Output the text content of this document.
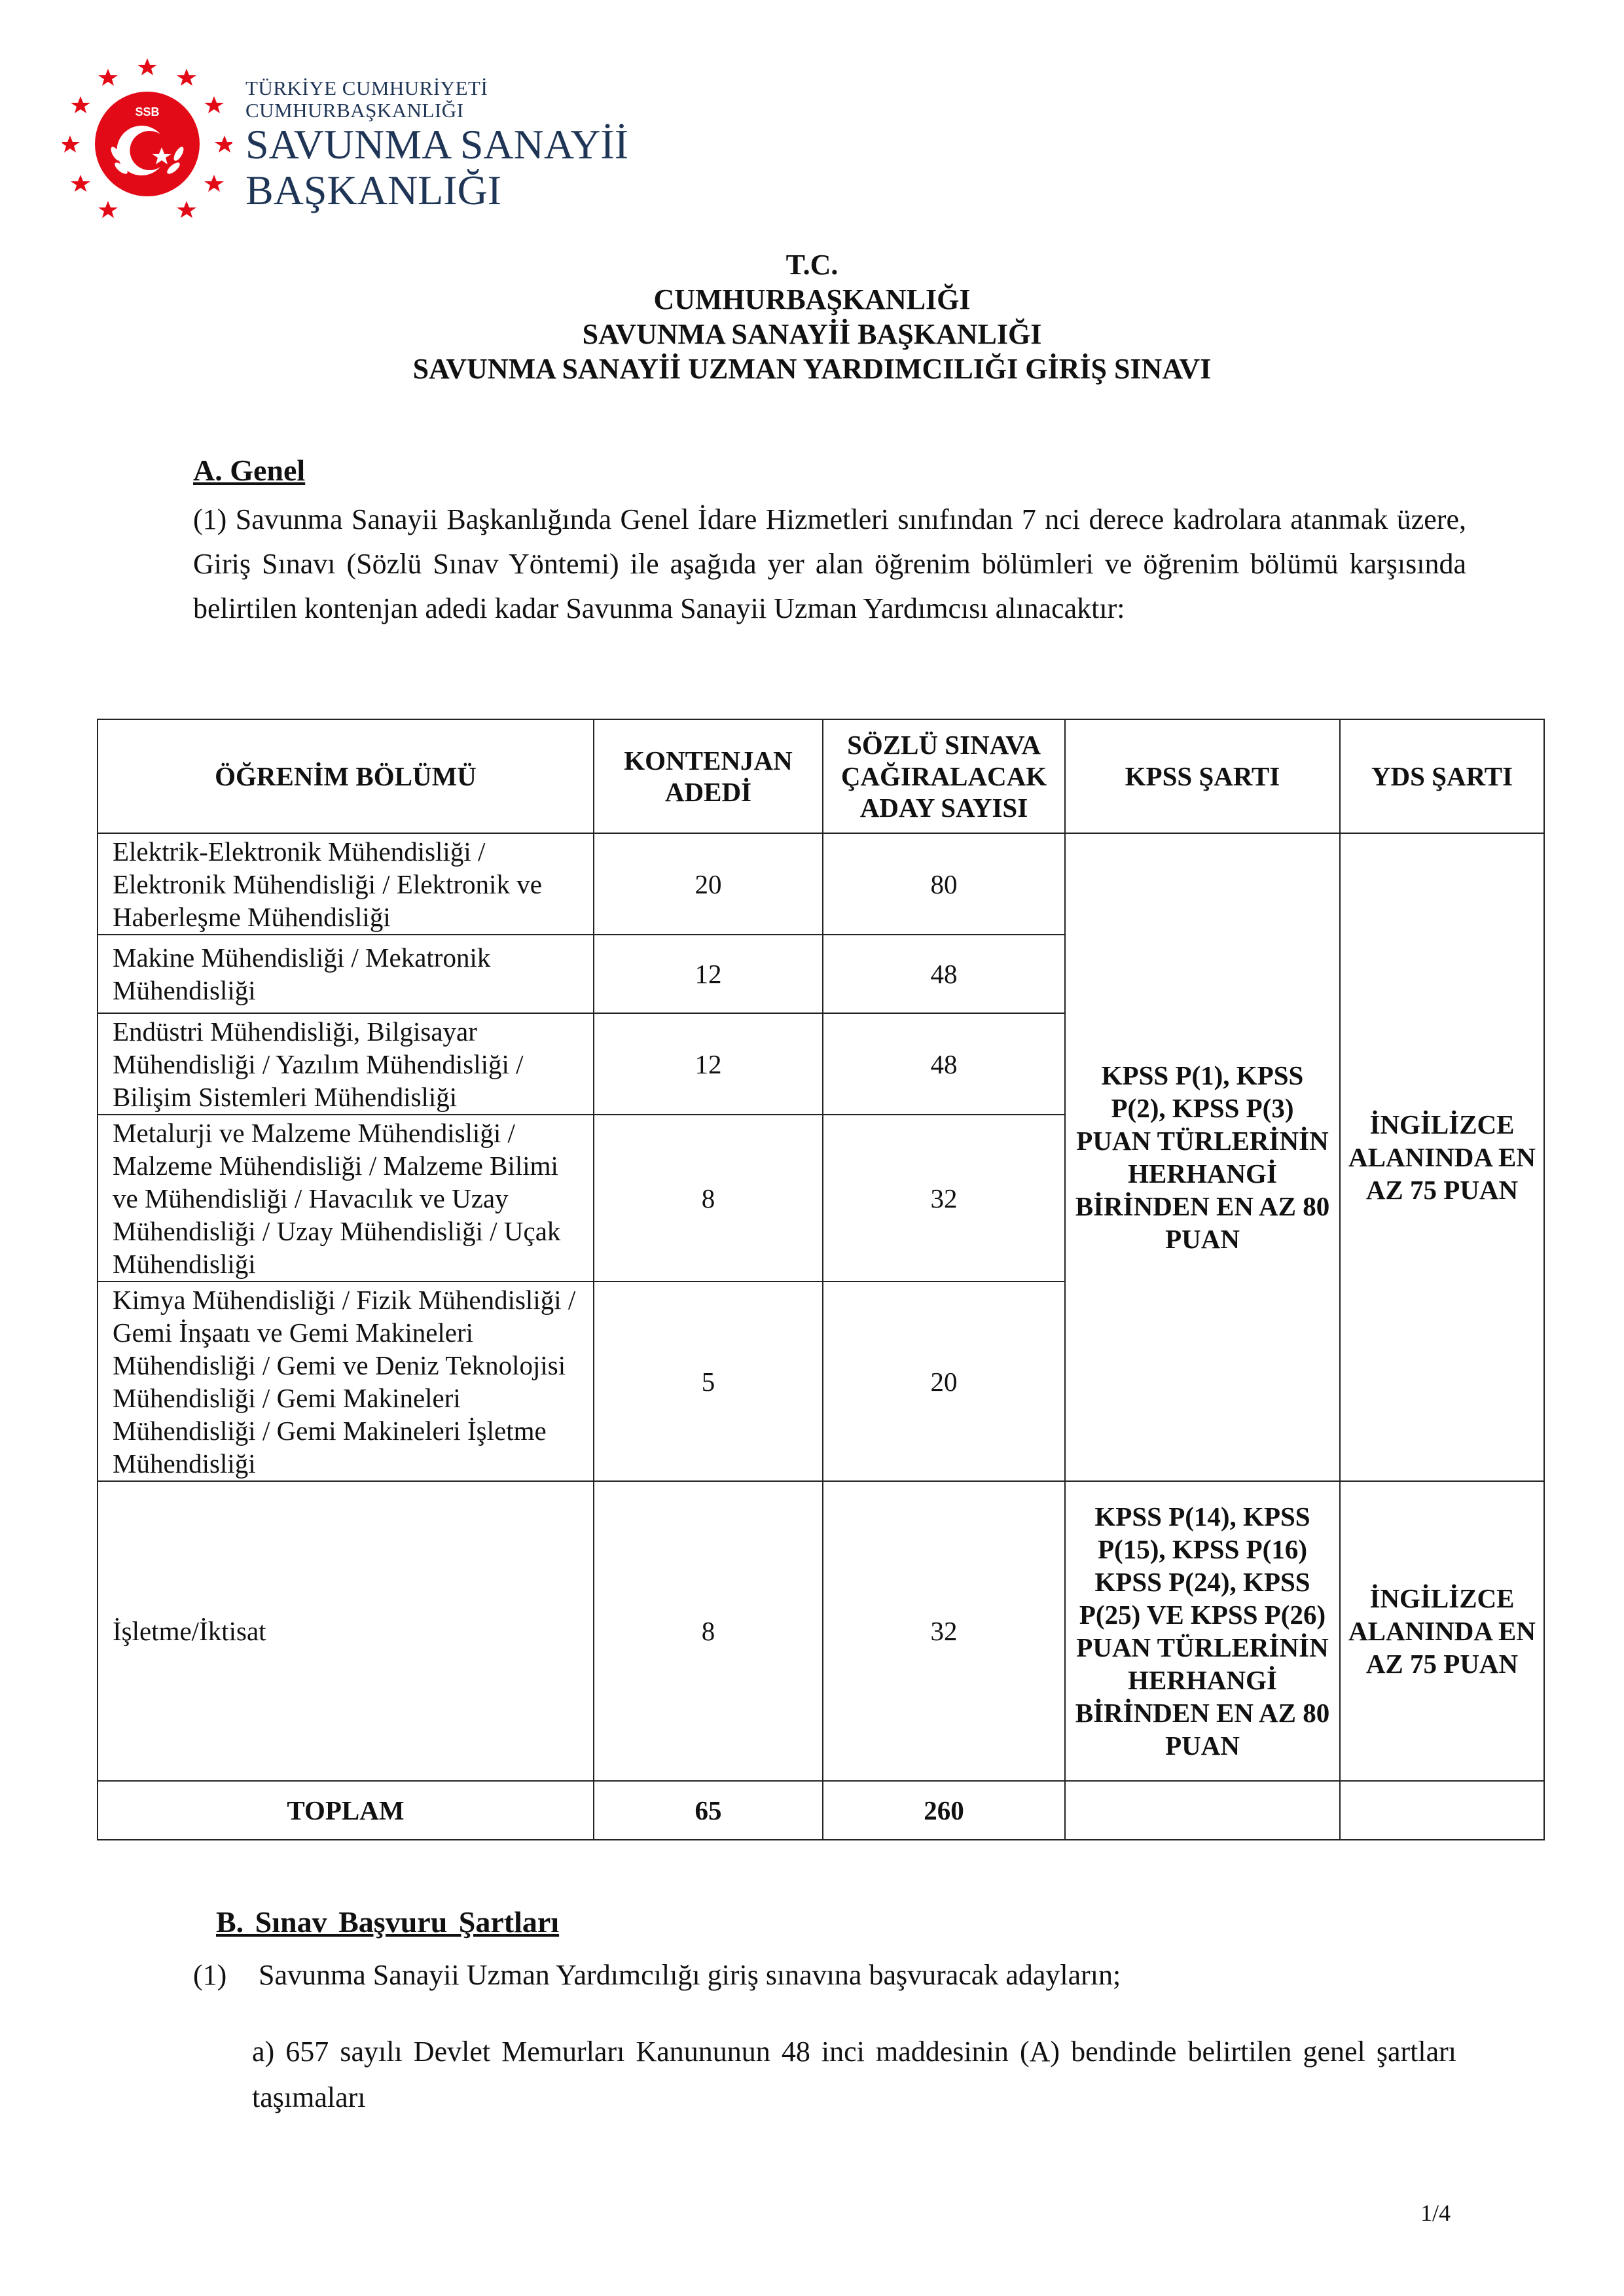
SSB
TÜRKİYE CUMHURİYETİ
CUMHURBAŞKANLIĞI
SAVUNMA SANAYİİ
BAŞKANLIĞI
T.C.
CUMHURBAŞKANLIĞI
SAVUNMA SANAYİİ BAŞKANLIĞI
SAVUNMA SANAYİİ UZMAN YARDIMCILIĞI GİRİŞ SINAVI
A. Genel
(1) Savunma Sanayii Başkanlığında Genel İdare Hizmetleri sınıfından 7 nci derece kadrolara atanmak üzere, Giriş Sınavı (Sözlü Sınav Yöntemi) ile aşağıda yer alan öğrenim bölümleri ve öğrenim bölümü karşısında belirtilen kontenjan adedi kadar Savunma Sanayii Uzman Yardımcısı alınacaktır:
ÖĞRENİM BÖLÜMÜ	KONTENJAN ADEDİ	SÖZLÜ SINAVA ÇAĞIRALACAK ADAY SAYISI	KPSS ŞARTI	YDS ŞARTI
Elektrik-Elektronik Mühendisliği / Elektronik Mühendisliği / Elektronik ve Haberleşme Mühendisliği	20	80	KPSS P(1), KPSS P(2), KPSS P(3) PUAN TÜRLERİNİN HERHANGİ BİRİNDEN EN AZ 80 PUAN	İNGİLİZCE ALANINDA EN AZ 75 PUAN
Makine Mühendisliği / Mekatronik Mühendisliği	12	48		
Endüstri Mühendisliği, Bilgisayar Mühendisliği / Yazılım Mühendisliği / Bilişim Sistemleri Mühendisliği	12	48		
Metalurji ve Malzeme Mühendisliği / Malzeme Mühendisliği / Malzeme Bilimi ve Mühendisliği / Havacılık ve Uzay Mühendisliği / Uzay Mühendisliği / Uçak Mühendisliği	8	32		
Kimya Mühendisliği / Fizik Mühendisliği / Gemi İnşaatı ve Gemi Makineleri Mühendisliği / Gemi ve Deniz Teknolojisi Mühendisliği / Gemi Makineleri Mühendisliği / Gemi Makineleri İşletme Mühendisliği	5	20		
İşletme/İktisat	8	32	KPSS P(14), KPSS P(15), KPSS P(16) KPSS P(24), KPSS P(25) VE KPSS P(26) PUAN TÜRLERİNİN HERHANGİ BİRİNDEN EN AZ 80 PUAN	İNGİLİZCE ALANINDA EN AZ 75 PUAN
TOPLAM	65	260		
B. Sınav Başvuru Şartları
(1) Savunma Sanayii Uzman Yardımcılığı giriş sınavına başvuracak adayların;
a) 657 sayılı Devlet Memurları Kanununun 48 inci maddesinin (A) bendinde belirtilen genel şartları taşımaları
1/4
